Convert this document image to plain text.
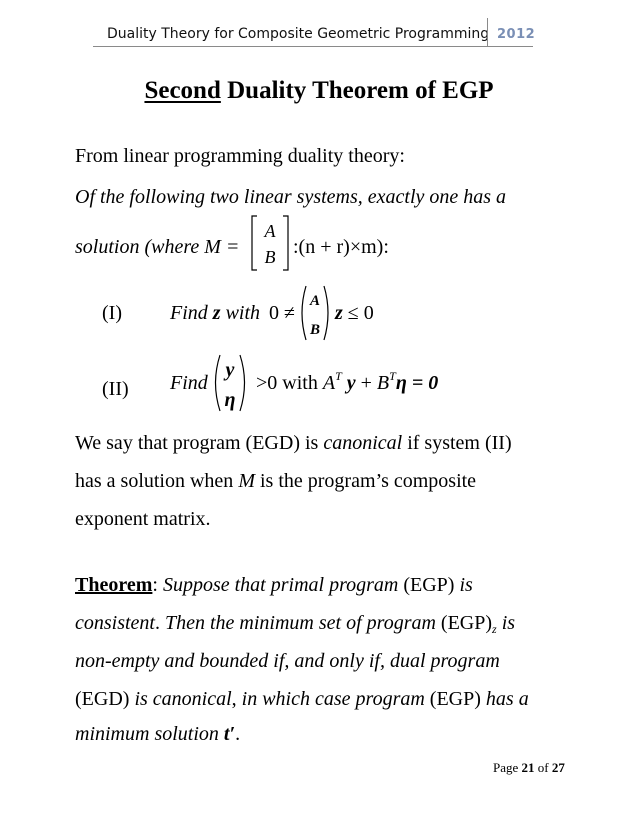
Duality Theory for Composite Geometric Programming 2012
Second Duality Theorem of EGP
From linear programming duality theory:
Of the following two linear systems, exactly one has a
solution (where M =
A
B :(n + r)×m):
(I) Find z with 0 ≠
A
B
z ≤ 0
(II) Find
y
η
>0 with $A^T$ $y + B^T\eta = 0$
We say that program (EGD) is canonical if system (II)
has a solution when M is the program’s composite
exponent matrix.
Theorem: Suppose that primal program (EGP) is
consistent. Then the minimum set of program $(EGP)_z$ is
non-empty and bounded if, and only if, dual program
(EGD) is canonical, in which case program (EGP) has a
minimum solution t′.
Page 21 of 27
